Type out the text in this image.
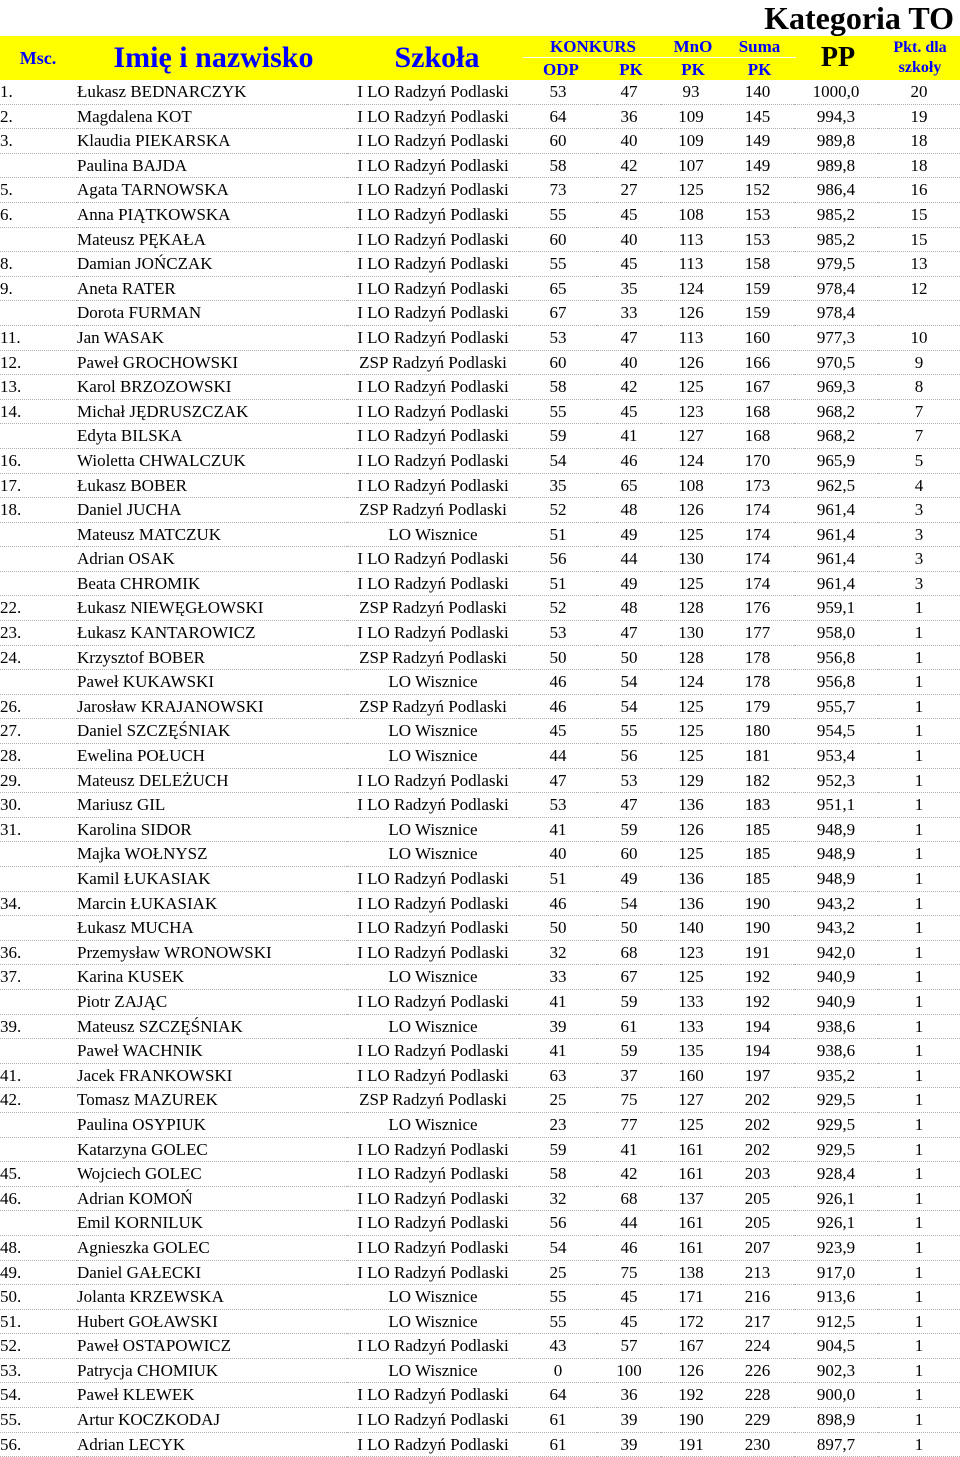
Kategoria TO
Msc.	Imię i nazwisko	Szkoła	KONKURS	MnO	Suma
ODP	PK	PK	PK	PP	Pkt. dla
szkoły
1.	Łukasz BEDNARCZYK	I LO Radzyń Podlaski	53	47	93	140	1000,0	20
2.	Magdalena KOT	I LO Radzyń Podlaski	64	36	109	145	994,3	19
3.	Klaudia PIEKARSKA	I LO Radzyń Podlaski	60	40	109	149	989,8	18
	Paulina BAJDA	I LO Radzyń Podlaski	58	42	107	149	989,8	18
5.	Agata TARNOWSKA	I LO Radzyń Podlaski	73	27	125	152	986,4	16
6.	Anna PIĄTKOWSKA	I LO Radzyń Podlaski	55	45	108	153	985,2	15
	Mateusz PĘKAŁA	I LO Radzyń Podlaski	60	40	113	153	985,2	15
8.	Damian JOŃCZAK	I LO Radzyń Podlaski	55	45	113	158	979,5	13
9.	Aneta RATER	I LO Radzyń Podlaski	65	35	124	159	978,4	12
	Dorota FURMAN	I LO Radzyń Podlaski	67	33	126	159	978,4	
11.	Jan WASAK	I LO Radzyń Podlaski	53	47	113	160	977,3	10
12.	Paweł GROCHOWSKI	ZSP Radzyń Podlaski	60	40	126	166	970,5	9
13.	Karol BRZOZOWSKI	I LO Radzyń Podlaski	58	42	125	167	969,3	8
14.	Michał JĘDRUSZCZAK	I LO Radzyń Podlaski	55	45	123	168	968,2	7
	Edyta BILSKA	I LO Radzyń Podlaski	59	41	127	168	968,2	7
16.	Wioletta CHWALCZUK	I LO Radzyń Podlaski	54	46	124	170	965,9	5
17.	Łukasz BOBER	I LO Radzyń Podlaski	35	65	108	173	962,5	4
18.	Daniel JUCHA	ZSP Radzyń Podlaski	52	48	126	174	961,4	3
	Mateusz MATCZUK	LO Wisznice	51	49	125	174	961,4	3
	Adrian OSAK	I LO Radzyń Podlaski	56	44	130	174	961,4	3
	Beata CHROMIK	I LO Radzyń Podlaski	51	49	125	174	961,4	3
22.	Łukasz NIEWĘGŁOWSKI	ZSP Radzyń Podlaski	52	48	128	176	959,1	1
23.	Łukasz KANTAROWICZ	I LO Radzyń Podlaski	53	47	130	177	958,0	1
24.	Krzysztof BOBER	ZSP Radzyń Podlaski	50	50	128	178	956,8	1
	Paweł KUKAWSKI	LO Wisznice	46	54	124	178	956,8	1
26.	Jarosław KRAJANOWSKI	ZSP Radzyń Podlaski	46	54	125	179	955,7	1
27.	Daniel SZCZĘŚNIAK	LO Wisznice	45	55	125	180	954,5	1
28.	Ewelina POŁUCH	LO Wisznice	44	56	125	181	953,4	1
29.	Mateusz DELEŻUCH	I LO Radzyń Podlaski	47	53	129	182	952,3	1
30.	Mariusz GIL	I LO Radzyń Podlaski	53	47	136	183	951,1	1
31.	Karolina SIDOR	LO Wisznice	41	59	126	185	948,9	1
	Majka WOŁNYSZ	LO Wisznice	40	60	125	185	948,9	1
	Kamil ŁUKASIAK	I LO Radzyń Podlaski	51	49	136	185	948,9	1
34.	Marcin ŁUKASIAK	I LO Radzyń Podlaski	46	54	136	190	943,2	1
	Łukasz MUCHA	I LO Radzyń Podlaski	50	50	140	190	943,2	1
36.	Przemysław WRONOWSKI	I LO Radzyń Podlaski	32	68	123	191	942,0	1
37.	Karina KUSEK	LO Wisznice	33	67	125	192	940,9	1
	Piotr ZAJĄC	I LO Radzyń Podlaski	41	59	133	192	940,9	1
39.	Mateusz SZCZĘŚNIAK	LO Wisznice	39	61	133	194	938,6	1
	Paweł WACHNIK	I LO Radzyń Podlaski	41	59	135	194	938,6	1
41.	Jacek FRANKOWSKI	I LO Radzyń Podlaski	63	37	160	197	935,2	1
42.	Tomasz MAZUREK	ZSP Radzyń Podlaski	25	75	127	202	929,5	1
	Paulina OSYPIUK	LO Wisznice	23	77	125	202	929,5	1
	Katarzyna GOLEC	I LO Radzyń Podlaski	59	41	161	202	929,5	1
45.	Wojciech GOLEC	I LO Radzyń Podlaski	58	42	161	203	928,4	1
46.	Adrian KOMOŃ	I LO Radzyń Podlaski	32	68	137	205	926,1	1
	Emil KORNILUK	I LO Radzyń Podlaski	56	44	161	205	926,1	1
48.	Agnieszka GOLEC	I LO Radzyń Podlaski	54	46	161	207	923,9	1
49.	Daniel GAŁECKI	I LO Radzyń Podlaski	25	75	138	213	917,0	1
50.	Jolanta KRZEWSKA	LO Wisznice	55	45	171	216	913,6	1
51.	Hubert GOŁAWSKI	LO Wisznice	55	45	172	217	912,5	1
52.	Paweł OSTAPOWICZ	I LO Radzyń Podlaski	43	57	167	224	904,5	1
53.	Patrycja CHOMIUK	LO Wisznice	0	100	126	226	902,3	1
54.	Paweł KLEWEK	I LO Radzyń Podlaski	64	36	192	228	900,0	1
55.	Artur KOCZKODAJ	I LO Radzyń Podlaski	61	39	190	229	898,9	1
56.	Adrian LECYK	I LO Radzyń Podlaski	61	39	191	230	897,7	1
